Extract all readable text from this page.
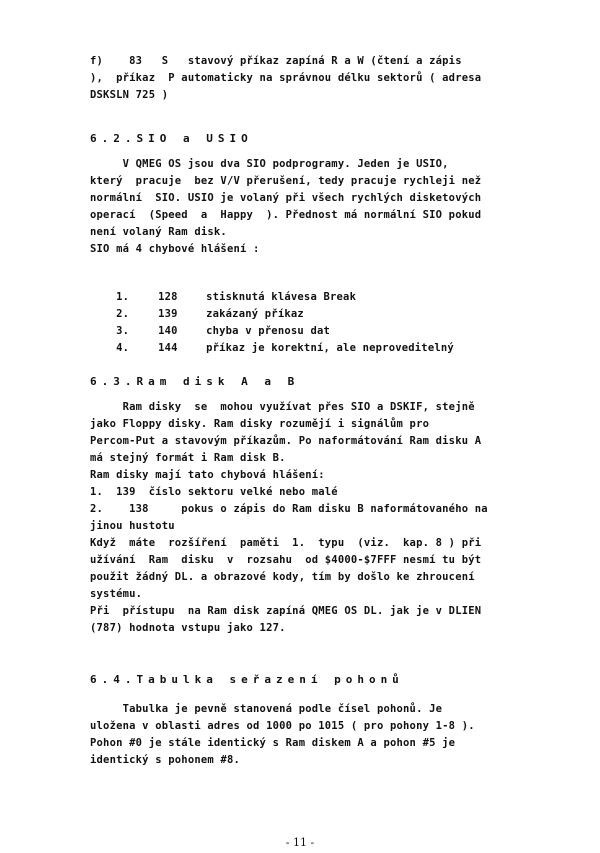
f)    83   S   stavový příkaz zapíná R a W (čtení a zápis
),  příkaz  P automaticky na správnou délku sektorů ( adresa
DSKSLN 725 )
6.2.SIO a USIO
V QMEG OS jsou dva SIO podprogramy. Jeden je USIO,
který  pracuje  bez V/V přerušení, tedy pracuje rychleji než
normální  SIO. USIO je volaný při všech rychlých disketových
operací  (Speed  a  Happy  ). Přednost má normální SIO pokud
není volaný Ram disk.
SIO má 4 chybové hlášení :

1.	128	stisknutá klávesa Break

2.	139	zakázaný příkaz

3.	140	chyba v přenosu dat

4.	144	příkaz je korektní, ale neproveditelný

6.3.Ram disk A a B
Ram disky  se  mohou využívat přes SIO a DSKIF, stejně
jako Floppy disky. Ram disky rozumějí i signálům pro
Percom-Put a stavovým příkazům. Po naformátování Ram disku A
má stejný formát i Ram disk B.
Ram disky mají tato chybová hlášení:
1.  139  číslo sektoru velké nebo malé
2.    138     pokus o zápis do Ram disku B naformátovaného na
jinou hustotu
Když  máte  rozšíření  paměti  1.  typu  (viz.  kap. 8 ) při
užívání  Ram  disku  v  rozsahu  od $4000-$7FFF nesmí tu být
použit žádný DL. a obrazové kody, tím by došlo ke zhroucení
systému.
Při  přístupu  na Ram disk zapíná QMEG OS DL. jak je v DLIEN
(787) hodnota vstupu jako 127.
6.4.Tabulka seřazení pohonů
Tabulka je pevně stanovená podle čísel pohonů. Je
uložena v oblasti adres od 1000 po 1015 ( pro pohony 1-8 ).
Pohon #0 je stále identický s Ram diskem A a pohon #5 je
identický s pohonem #8.
- 11 -
